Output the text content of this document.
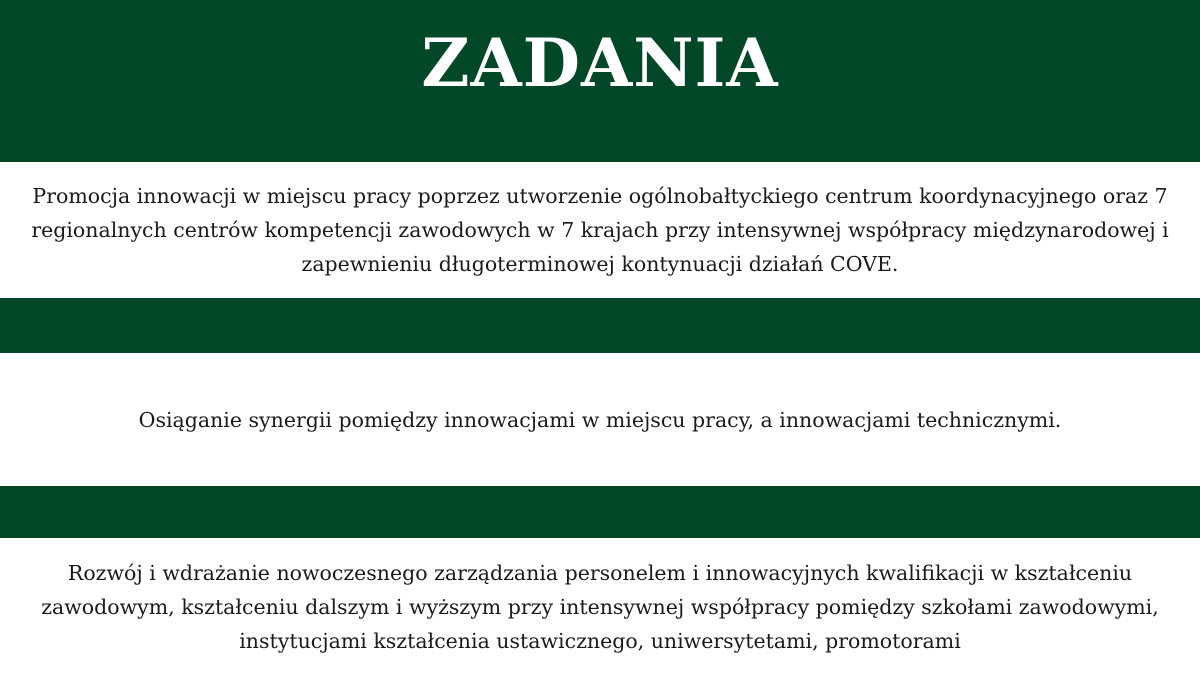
ZADANIA

Promocja innowacji w miejscu pracy poprzez utworzenie ogólnobałtyckiego centrum koordynacyjnego oraz 7 regionalnych centrów kompetencji zawodowych w 7 krajach przy intensywnej współpracy międzynarodowej i zapewnieniu długoterminowej kontynuacji działań COVE.

Osiąganie synergii pomiędzy innowacjami w miejscu pracy, a innowacjami technicznymi.

Rozwój i wdrażanie nowoczesnego zarządzania personelem i innowacyjnych kwalifikacji w kształceniu zawodowym, kształceniu dalszym i wyższym przy intensywnej współpracy pomiędzy szkołami zawodowymi, instytucjami kształcenia ustawicznego, uniwersytetami, promotorami
